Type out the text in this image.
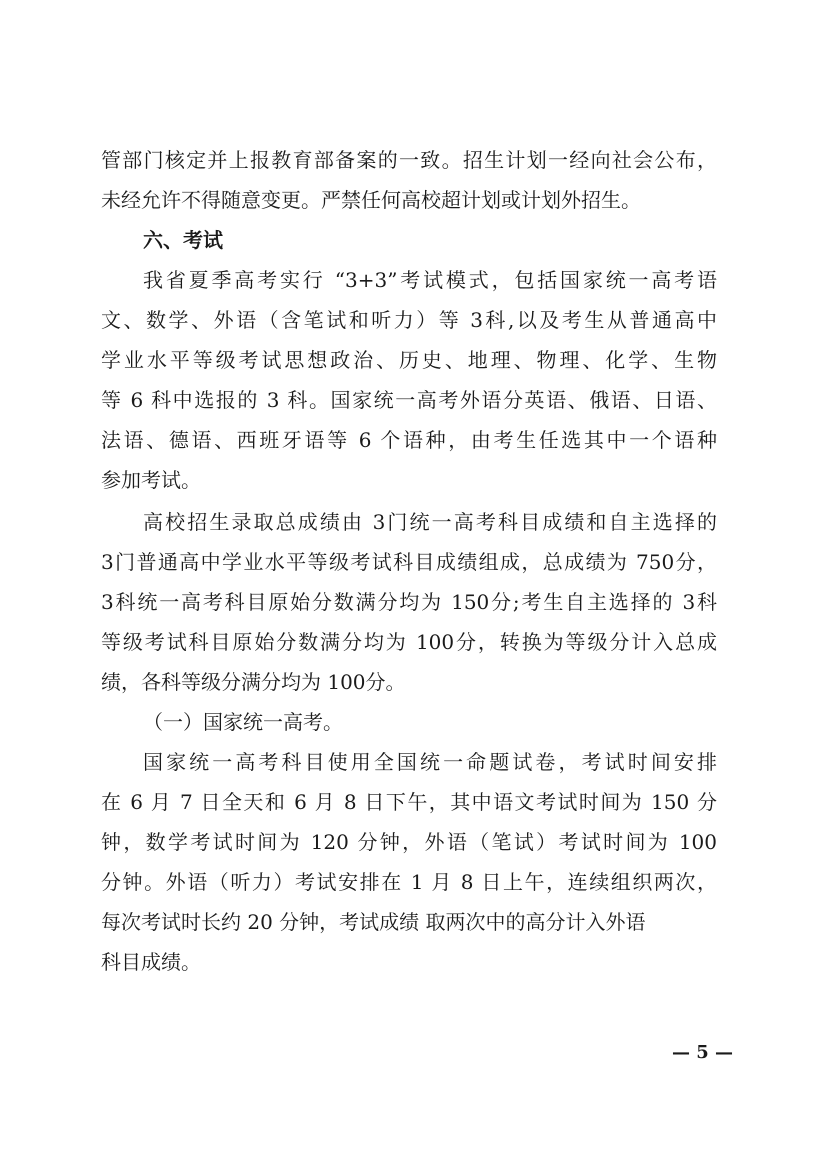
管部门核定并上报教育部备案的一致。招生计划一经向社会公布，
未经允许不得随意变更。严禁任何高校超计划或计划外招生。
六、考试
我省夏季高考实行 “3+3”考试模式，包括国家统一高考语
文、数学、外语（含笔试和听力）等 3科,以及考生从普通高中
学业水平等级考试思想政治、历史、地理、物理、化学、生物
等 6 科中选报的 3 科。国家统一高考外语分英语、俄语、日语、
法语、德语、西班牙语等 6 个语种，由考生任选其中一个语种
参加考试。
高校招生录取总成绩由 3门统一高考科目成绩和自主选择的
3门普通高中学业水平等级考试科目成绩组成，总成绩为 750分，
3科统一高考科目原始分数满分均为 150分;考生自主选择的 3科
等级考试科目原始分数满分均为 100分，转换为等级分计入总成
绩，各科等级分满分均为 100分。
（一）国家统一高考。
国家统一高考科目使用全国统一命题试卷，考试时间安排
在 6 月 7 日全天和 6 月 8 日下午，其中语文考试时间为 150 分
钟，数学考试时间为 120 分钟，外语（笔试）考试时间为 100
分钟。外语（听力）考试安排在 1 月 8 日上午，连续组织两次，
每次考试时长约 20 分钟，考试成绩 取两次中的高分计入外语
科目成绩。
— 5 —
